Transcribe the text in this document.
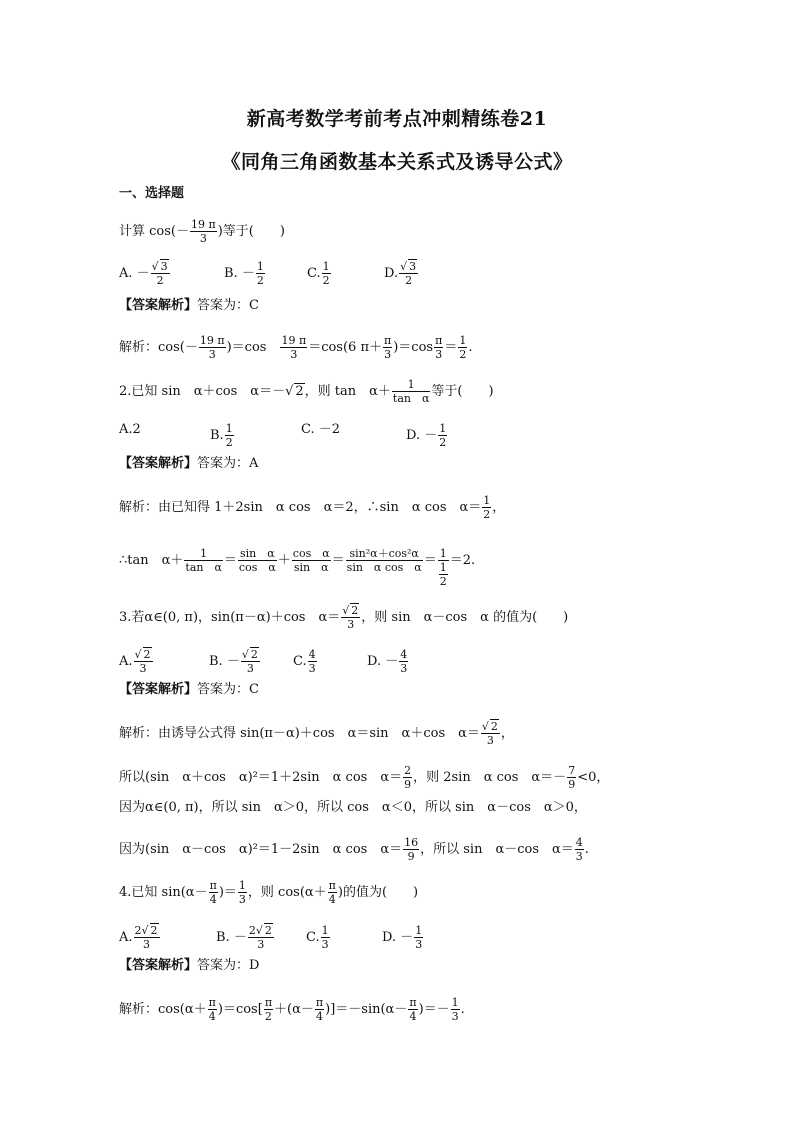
新高考数学考前考点冲刺精练卷21
《同角三角函数基本关系式及诱导公式》
一、选择题
计算 $\cos(- \frac{19 \pi}{3}$ )等于(　　)
A. － $\frac{√ 3}{2}$	B. － $\frac{1}{2}$	C. $\frac{1}{2}$	D. $\frac{√ 3}{2}$
【答案解析】答案为：C
解析：$\cos(- \frac{19 \pi}{3} )=\cos$　 $\frac{19 \pi}{3} =\cos(6$ $\pi+ \frac{\pi}{3} )=\cos \frac{\pi}{3} = \frac{1}{2}$ .
2.已知 sin　α＋cos　α＝－√ 2，则 tan　$\alpha+ \frac{1}{\text{tan　α}}$ 等于(　　)
A.2	B. $\frac{1}{2}$	C. －2	D. － $\frac{1}{2}$
【答案解析】答案为：A
解析：由已知得 1＋2sin　α cos　α＝2，∴sin　α cos　$\alpha= \frac{1}{2}$ ，
∴tan　$\alpha+ \frac{1}{\text{tan　α}} = \frac{\text{sin　α}}{\text{cos　α}} + \frac{\text{cos　α}}{\text{sin　α}} = \frac{\text{sin²α＋cos²α}}{\text{sin　α cos　α}} = \frac{1}{\frac{1}{2}} =2$.
3.若α∈(0, π)，sin(π－α)＋cos　$\alpha= \frac{√ 2}{3}$ ，则 sin　α－cos　α 的值为(　　)
A. $\frac{√ 2}{3}$	B. － $\frac{√ 2}{3}$	C. $\frac{4}{3}$	D. － $\frac{4}{3}$
【答案解析】答案为：C
解析：由诱导公式得 sin(π－α)＋cos　α＝sin　α＋cos　$\alpha= \frac{√ 2}{3}$ ，
所以(sin　α＋cos　α)²＝1＋2sin　α cos　$\alpha= \frac{2}{9}$ ，则 2sin　α cos　$\alpha=- \frac{7}{9} <0$，
因为α∈(0, π)，所以 sin　α＞0，所以 cos　α＜0，所以 sin　α－cos　α＞0，
因为(sin　α－cos　α)²＝1－2sin　α cos　$\alpha= \frac{16}{9}$ ，所以 sin　α－cos　$\alpha= \frac{4}{3}$ .
4.已知 $\sin(\alpha- \frac{\pi}{4}$ )＝ $\frac{1}{3}$ ，则 $\cos(\alpha+ \frac{\pi}{4}$ )的值为(　　)
A. $\frac{2√ 2}{3}$	B. － $\frac{2√ 2}{3} C$. $\frac{1}{3}$	D. － $\frac{1}{3}$
【答案解析】答案为：D
解析：$\cos(\alpha+ \frac{\pi}{4} )=\cos[ \frac{\pi}{2} +(\alpha- \frac{\pi}{4} )]=-\sin(\alpha- \frac{\pi}{4}$ )＝－ $\frac{1}{3}$ .
